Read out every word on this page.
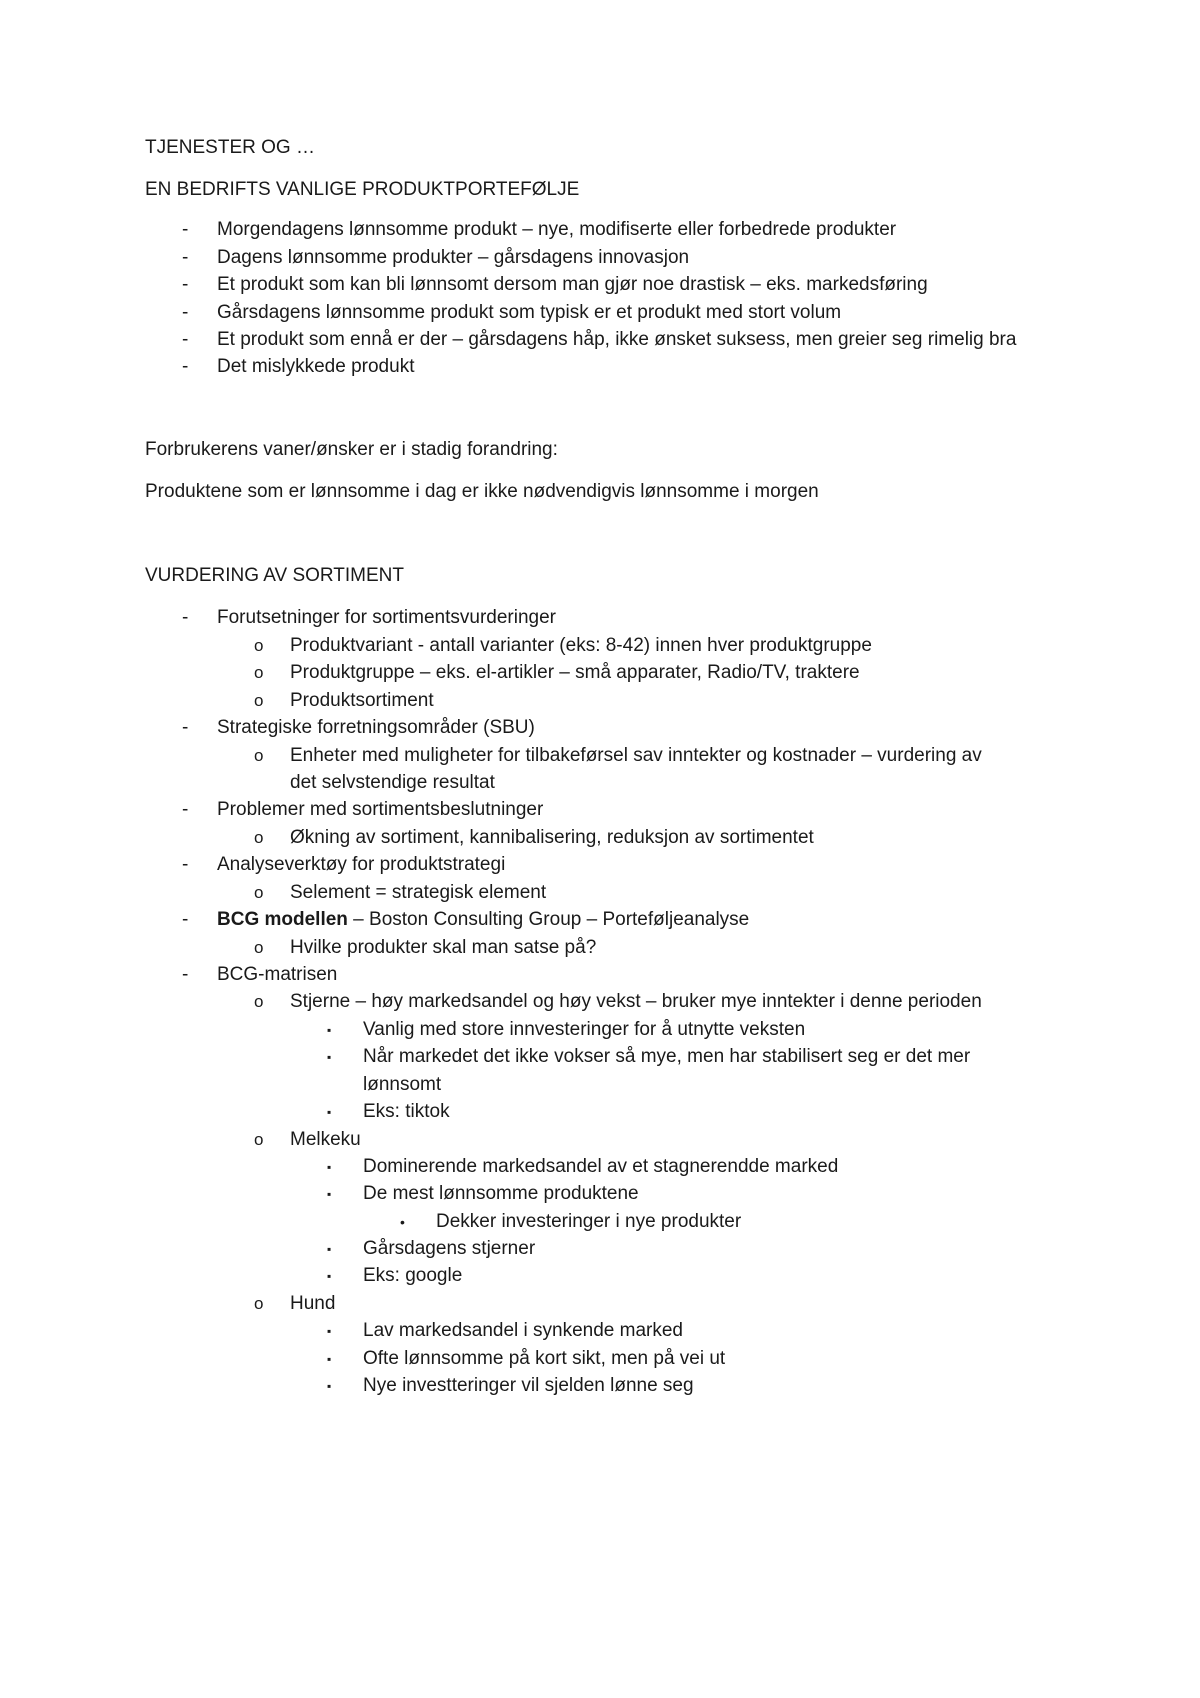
TJENESTER OG …
EN BEDRIFTS VANLIGE PRODUKTPORTEFØLJE
- Morgendagens lønnsomme produkt – nye, modifiserte eller forbedrede produkter
- Dagens lønnsomme produkter – gårsdagens innovasjon
- Et produkt som kan bli lønnsomt dersom man gjør noe drastisk – eks. markedsføring
- Gårsdagens lønnsomme produkt som typisk er et produkt med stort volum
- Et produkt som ennå er der – gårsdagens håp, ikke ønsket suksess, men greier seg rimelig bra
- Det mislykkede produkt
Forbrukerens vaner/ønsker er i stadig forandring:
Produktene som er lønnsomme i dag er ikke nødvendigvis lønnsomme i morgen
VURDERING AV SORTIMENT
- Forutsetninger for sortimentsvurderinger
o Produktvariant - antall varianter (eks: 8-42) innen hver produktgruppe
o Produktgruppe – eks. el-artikler – små apparater, Radio/TV, traktere
o Produktsortiment
- Strategiske forretningsområder (SBU)
o Enheter med muligheter for tilbakeførsel sav inntekter og kostnader – vurdering av
det selvstendige resultat
- Problemer med sortimentsbeslutninger
o Økning av sortiment, kannibalisering, reduksjon av sortimentet
- Analyseverktøy for produktstrategi
o Selement = strategisk element
- BCG modellen – Boston Consulting Group – Porteføljeanalyse
o Hvilke produkter skal man satse på?
- BCG-matrisen
o Stjerne – høy markedsandel og høy vekst – bruker mye inntekter i denne perioden
▪ Vanlig med store innvesteringer for å utnytte veksten
▪ Når markedet det ikke vokser så mye, men har stabilisert seg er det mer
lønnsomt
▪ Eks: tiktok
o Melkeku
▪ Dominerende markedsandel av et stagnerendde marked
▪ De mest lønnsomme produktene
• Dekker investeringer i nye produkter
▪ Gårsdagens stjerner
▪ Eks: google
o Hund
▪ Lav markedsandel i synkende marked
▪ Ofte lønnsomme på kort sikt, men på vei ut
▪ Nye investteringer vil sjelden lønne seg
